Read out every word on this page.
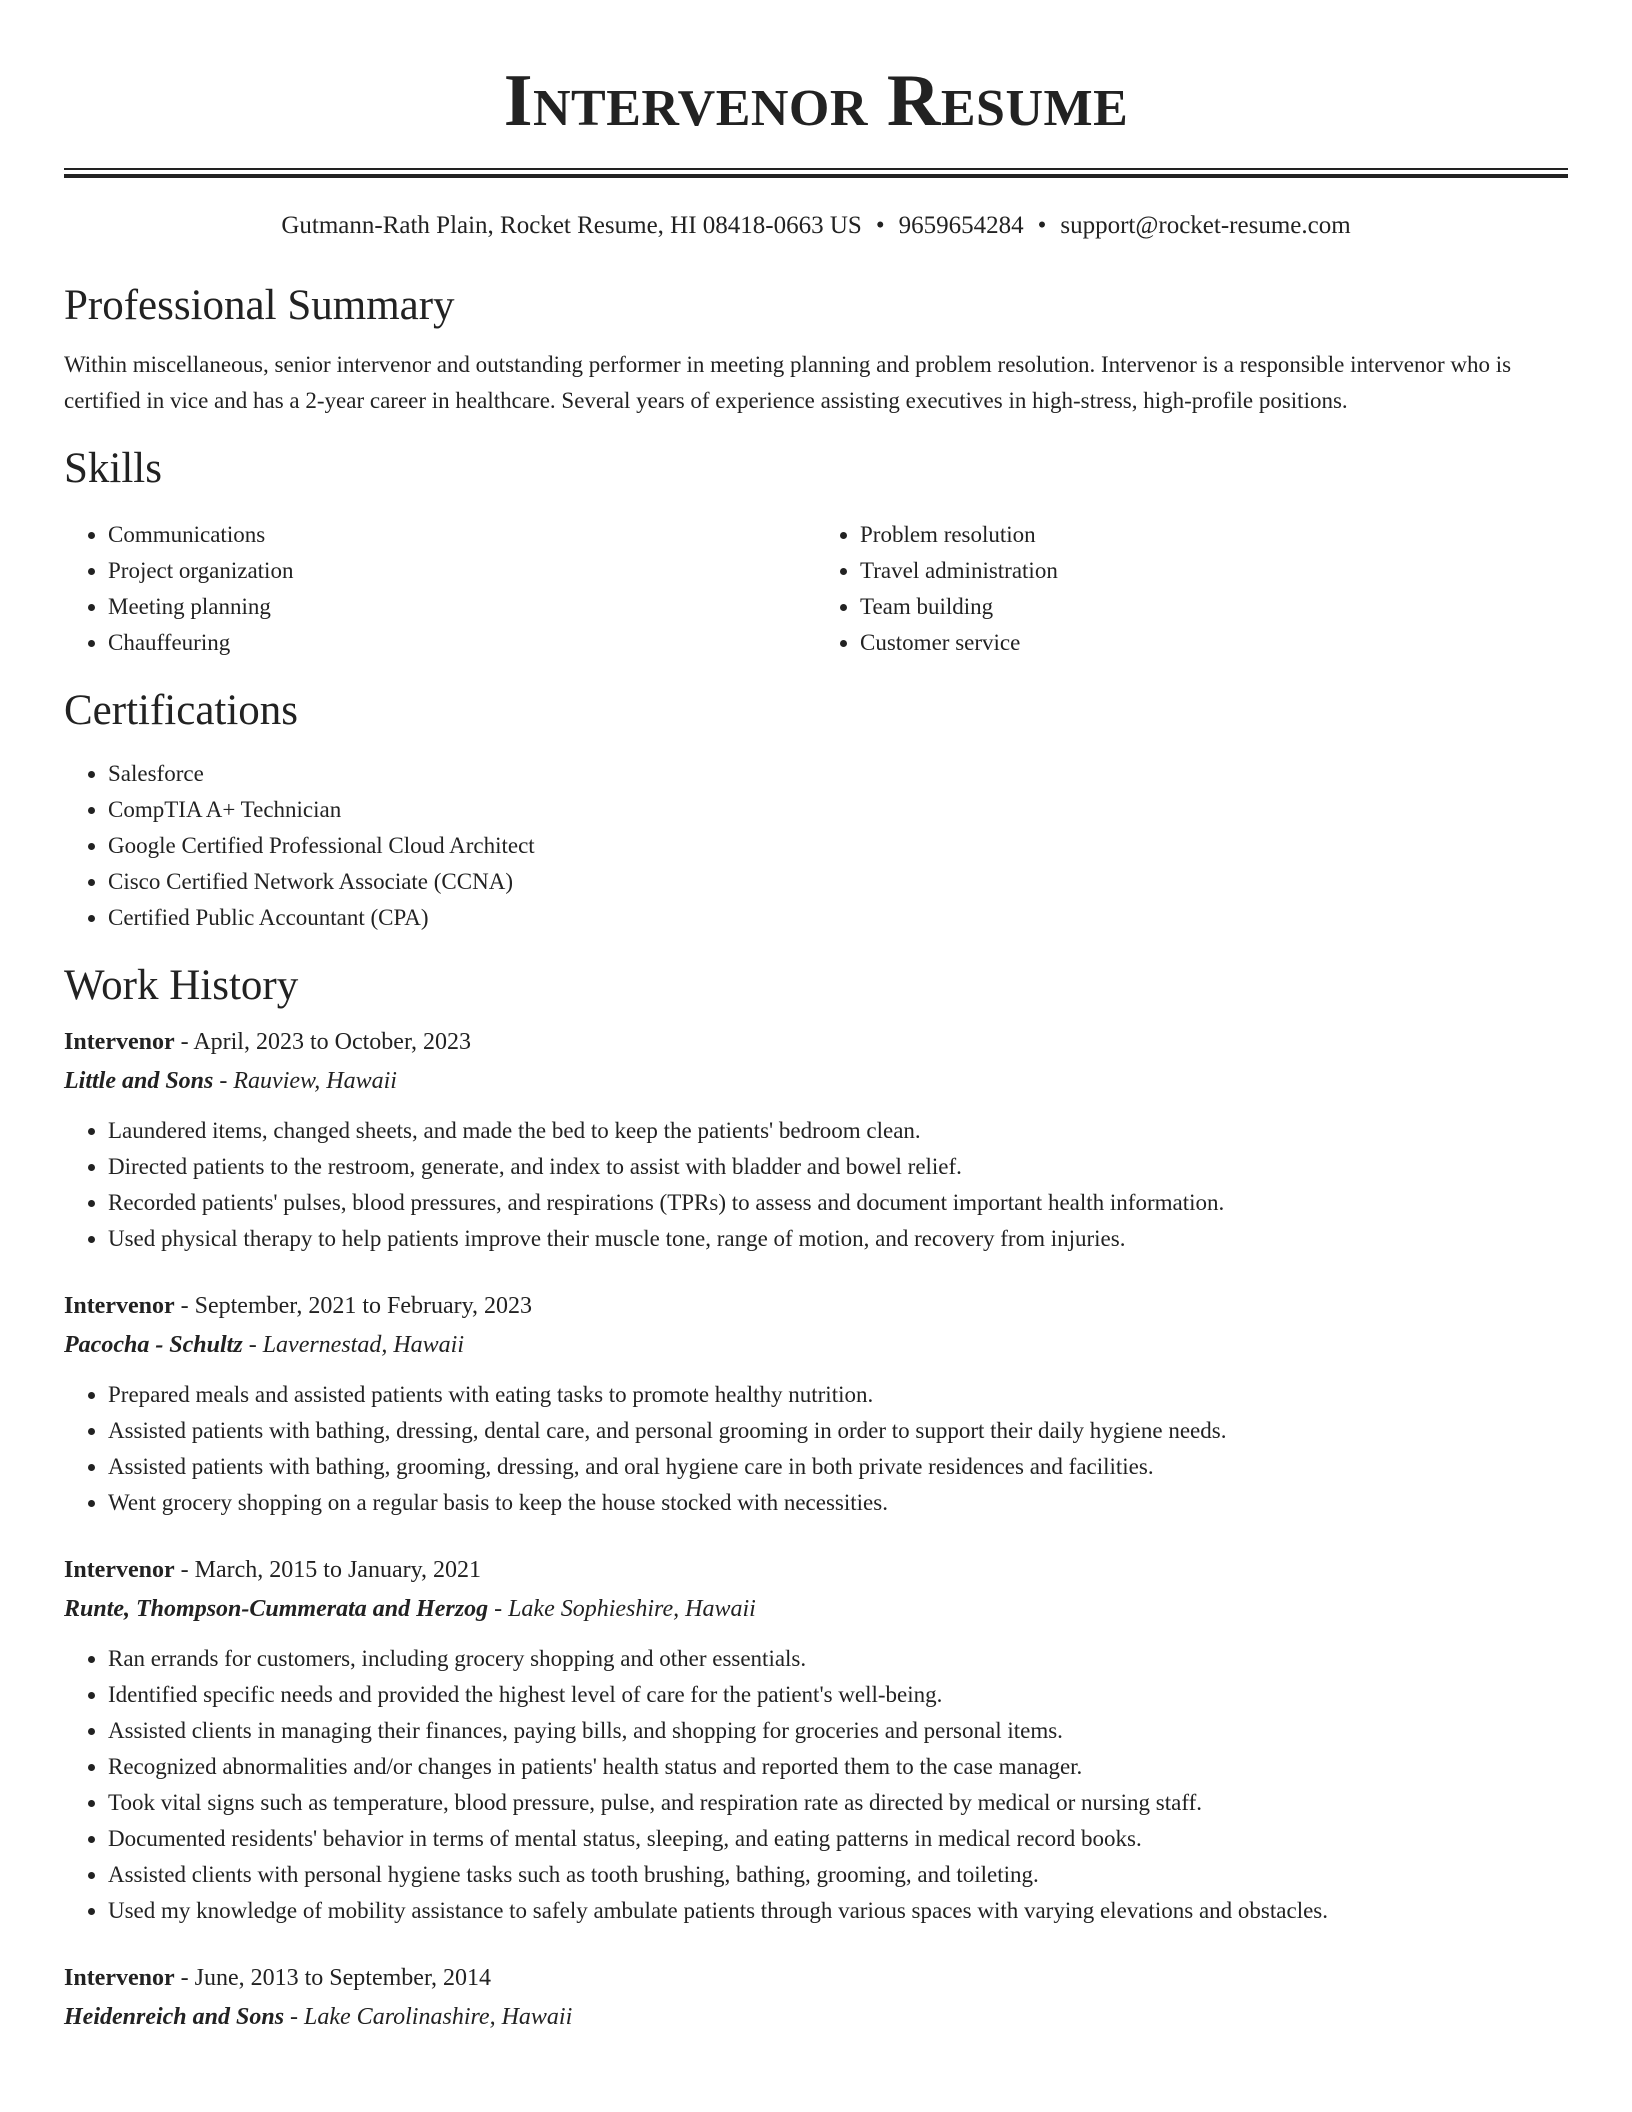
Intervenor Resume
Gutmann-Rath Plain, Rocket Resume, HI 08418-0663 US • 9659654284 • support@rocket-resume.com
Professional Summary
Within miscellaneous, senior intervenor and outstanding performer in meeting planning and problem resolution. Intervenor is a responsible intervenor who is certified in vice and has a 2-year career in healthcare. Several years of experience assisting executives in high-stress, high-profile positions.
Skills
• Communications
• Project organization
• Meeting planning
• Chauffeuring
• Problem resolution
• Travel administration
• Team building
• Customer service
Certifications
• Salesforce
• CompTIA A+ Technician
• Google Certified Professional Cloud Architect
• Cisco Certified Network Associate (CCNA)
• Certified Public Accountant (CPA)
Work History
Intervenor - April, 2023 to October, 2023
Little and Sons - Rauview, Hawaii
• Laundered items, changed sheets, and made the bed to keep the patients' bedroom clean.
• Directed patients to the restroom, generate, and index to assist with bladder and bowel relief.
• Recorded patients' pulses, blood pressures, and respirations (TPRs) to assess and document important health information.
• Used physical therapy to help patients improve their muscle tone, range of motion, and recovery from injuries.
Intervenor - September, 2021 to February, 2023
Pacocha - Schultz - Lavernestad, Hawaii
• Prepared meals and assisted patients with eating tasks to promote healthy nutrition.
• Assisted patients with bathing, dressing, dental care, and personal grooming in order to support their daily hygiene needs.
• Assisted patients with bathing, grooming, dressing, and oral hygiene care in both private residences and facilities.
• Went grocery shopping on a regular basis to keep the house stocked with necessities.
Intervenor - March, 2015 to January, 2021
Runte, Thompson-Cummerata and Herzog - Lake Sophieshire, Hawaii
• Ran errands for customers, including grocery shopping and other essentials.
• Identified specific needs and provided the highest level of care for the patient's well-being.
• Assisted clients in managing their finances, paying bills, and shopping for groceries and personal items.
• Recognized abnormalities and/or changes in patients' health status and reported them to the case manager.
• Took vital signs such as temperature, blood pressure, pulse, and respiration rate as directed by medical or nursing staff.
• Documented residents' behavior in terms of mental status, sleeping, and eating patterns in medical record books.
• Assisted clients with personal hygiene tasks such as tooth brushing, bathing, grooming, and toileting.
• Used my knowledge of mobility assistance to safely ambulate patients through various spaces with varying elevations and obstacles.
Intervenor - June, 2013 to September, 2014
Heidenreich and Sons - Lake Carolinashire, Hawaii
